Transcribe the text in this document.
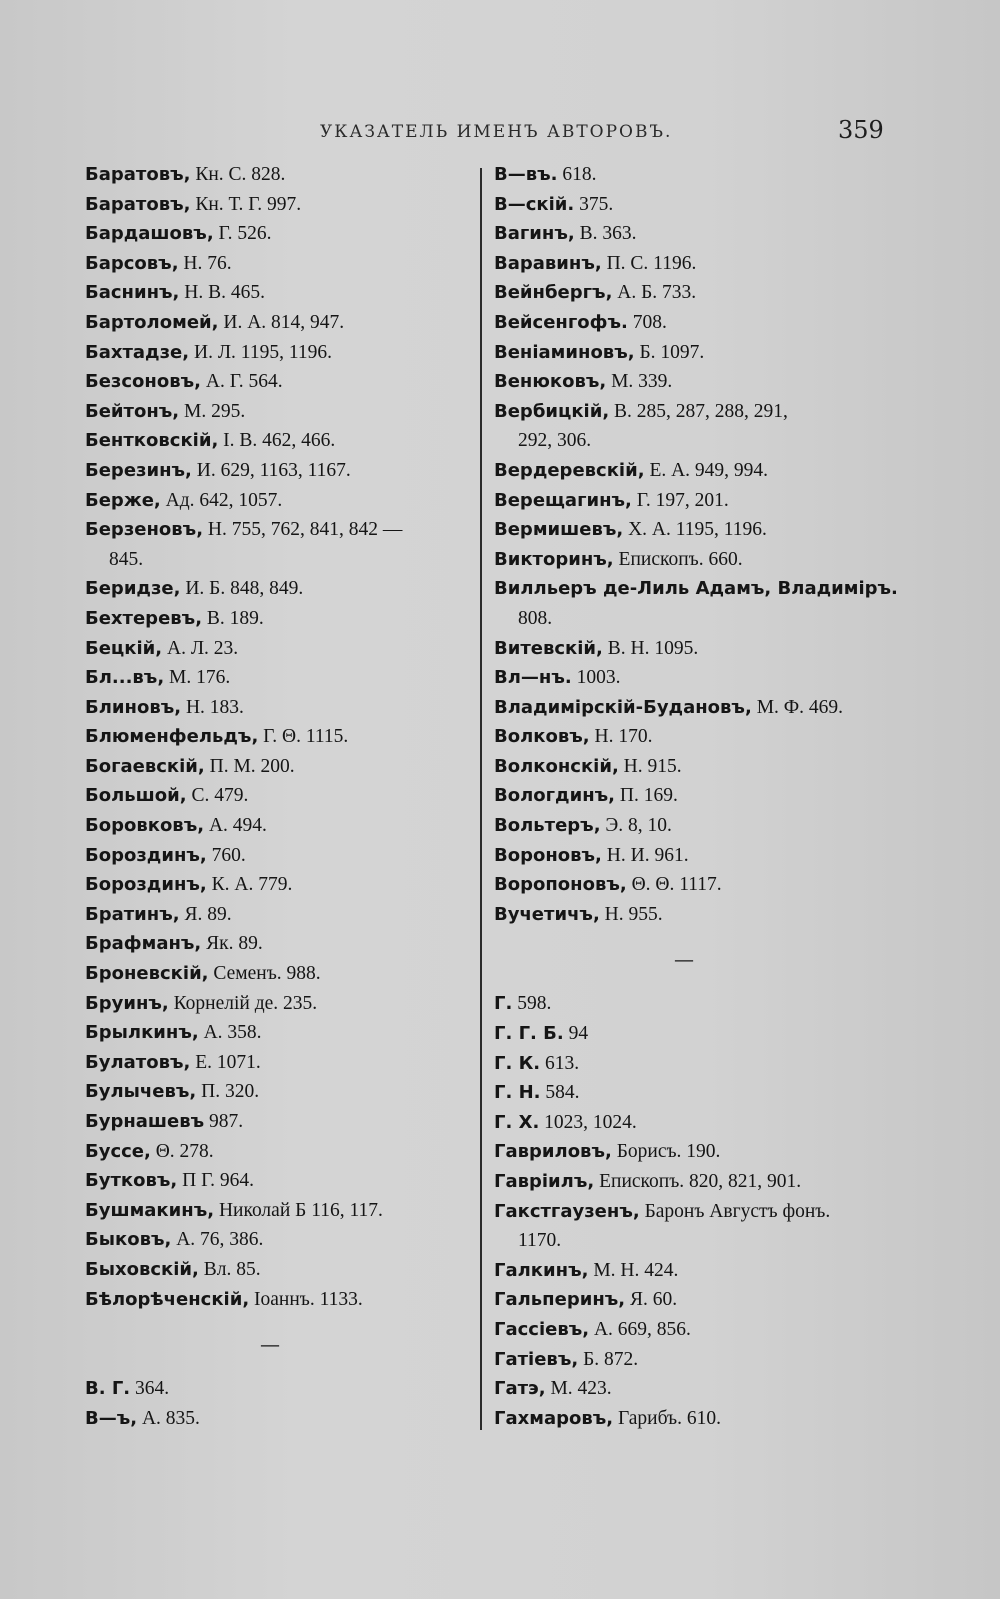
УКАЗАТЕЛЬ ИМЕНЪ АВТОРОВЪ.	359
Баратовъ, Кн. С. 828.
Баратовъ, Кн. Т. Г. 997.
Бардашовъ, Г. 526.
Барсовъ, Н. 76.
Баснинъ, Н. В. 465.
Бартоломей, И. А. 814, 947.
Бахтадзе, И. Л. 1195, 1196.
Безсоновъ, А. Г. 564.
Бейтонъ, М. 295.
Бентковскій, І. В. 462, 466.
Березинъ, И. 629, 1163, 1167.
Берже, Ад. 642, 1057.
Берзеновъ, Н. 755, 762, 841, 842 —
845.
Беридзе, И. Б. 848, 849.
Бехтеревъ, В. 189.
Бецкій, А. Л. 23.
Бл...въ, М. 176.
Блиновъ, Н. 183.
Блюменфельдъ, Г. Θ. 1115.
Богаевскій, П. М. 200.
Большой, С. 479.
Боровковъ, А. 494.
Бороздинъ, 760.
Бороздинъ, К. А. 779.
Братинъ, Я. 89.
Брафманъ, Як. 89.
Броневскій, Семенъ. 988.
Бруинъ, Корнелій де. 235.
Брылкинъ, А. 358.
Булатовъ, Е. 1071.
Булычевъ, П. 320.
Бурнашевъ 987.
Буссе, Θ. 278.
Бутковъ, П Г. 964.
Бушмакинъ, Николай Б 116, 117.
Быковъ, А. 76, 386.
Быховскій, Вл. 85.
Бѣлорѣченскій, Іоаннъ. 1133.
—
В. Г. 364.
В—ъ, А. 835.
В—въ. 618.
В—скій. 375.
Вагинъ, В. 363.
Варавинъ, П. С. 1196.
Вейнбергъ, А. Б. 733.
Вейсенгофъ. 708.
Веніаминовъ, Б. 1097.
Венюковъ, М. 339.
Вербицкій, В. 285, 287, 288, 291,
292, 306.
Вердеревскій, Е. А. 949, 994.
Верещагинъ, Г. 197, 201.
Вермишевъ, Х. А. 1195, 1196.
Викторинъ, Епископъ. 660.
Вилльеръ де-Лиль Адамъ, Владиміръ.
808.
Витевскій, В. Н. 1095.
Вл—нъ. 1003.
Владимірскій-Будановъ, М. Ф. 469.
Волковъ, Н. 170.
Волконскій, Н. 915.
Вологдинъ, П. 169.
Вольтеръ, Э. 8, 10.
Вороновъ, Н. И. 961.
Воропоновъ, Θ. Θ. 1117.
Вучетичъ, Н. 955.
—
Г. 598.
Г. Г. Б. 94
Г. К. 613.
Г. Н. 584.
Г. Х. 1023, 1024.
Гавриловъ, Борисъ. 190.
Гавріилъ, Епископъ. 820, 821, 901.
Гакстгаузенъ, Баронъ Августъ фонъ.
1170.
Галкинъ, М. Н. 424.
Гальперинъ, Я. 60.
Гассіевъ, А. 669, 856.
Гатіевъ, Б. 872.
Гатэ, М. 423.
Гахмаровъ, Гарибъ. 610.
